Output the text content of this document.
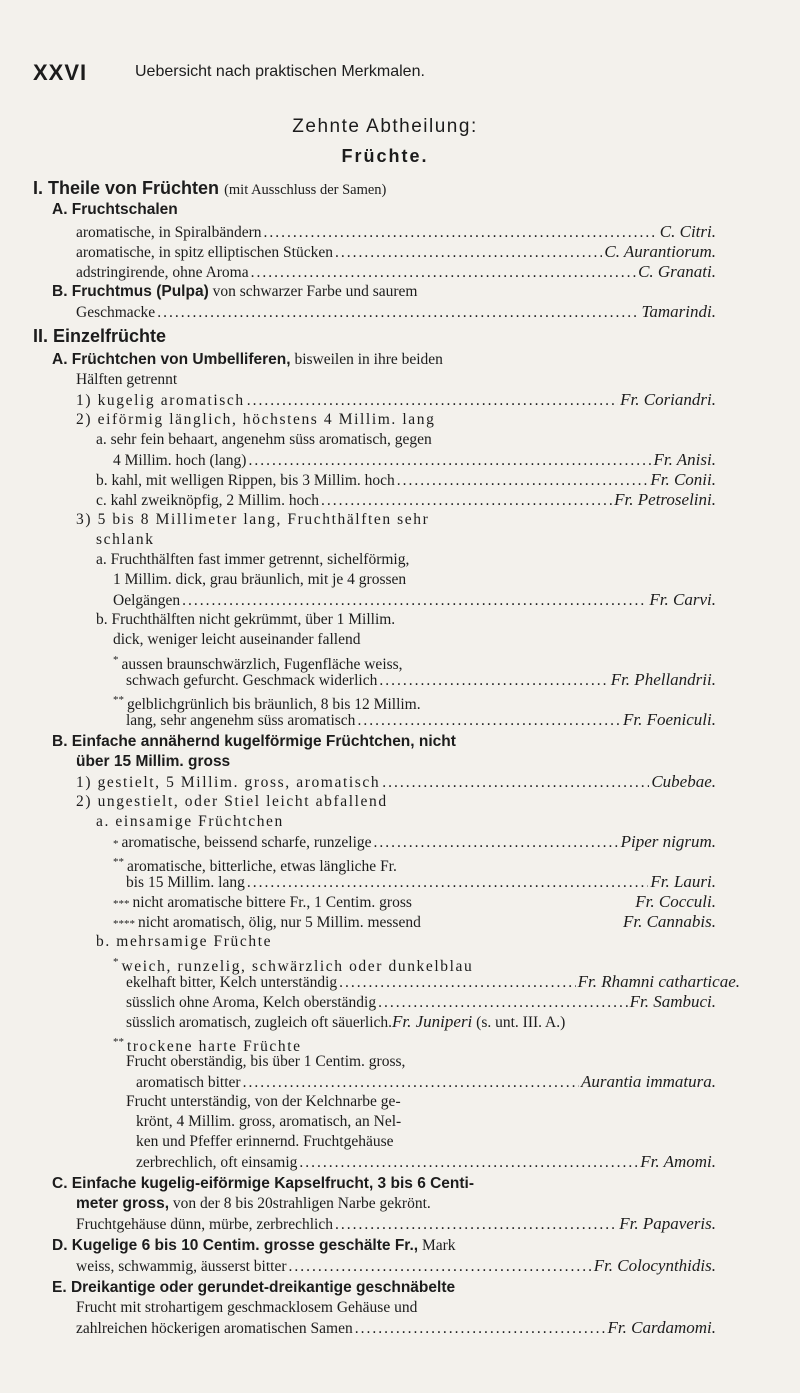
XXVI	Uebersicht nach praktischen Merkmalen.
Zehnte Abtheilung:
Früchte.
I. Theile von Früchten (mit Ausschluss der Samen)
A. Fruchtschalen
aromatische, in Spiralbändern .....	C. Citri.
aromatische, in spitz elliptischen Stücken .....	C. Aurantiorum.
adstringirende, ohne Aroma .....	C. Granati.
B. Fruchtmus (Pulpa) von schwarzer Farbe und saurem
Geschmacke .....	Tamarindi.
II. Einzelfrüchte
A. Früchtchen von Umbelliferen, bisweilen in ihre beiden
Hälften getrennt
1) kugelig aromatisch .....	Fr. Coriandri.
2) eiförmig länglich, höchstens 4 Millim. lang
a. sehr fein behaart, angenehm süss aromatisch, gegen
4 Millim. hoch (lang) .....	Fr. Anisi.
b. kahl, mit welligen Rippen, bis 3 Millim. hoch .....	Fr. Conii.
c. kahl zweiknöpfig, 2 Millim. hoch .....	Fr. Petroselini.
3) 5 bis 8 Millimeter lang, Fruchthälften sehr
schlank
a. Fruchthälften fast immer getrennt, sichelförmig,
1 Millim. dick, grau bräunlich, mit je 4 grossen
Oelgängen .....	Fr. Carvi.
b. Fruchthälften nicht gekrümmt, über 1 Millim.
dick, weniger leicht auseinander fallend
* aussen braunschwärzlich, Fugenfläche weiss,
schwach gefurcht. Geschmack widerlich .....	Fr. Phellandrii.
** gelblichgrünlich bis bräunlich, 8 bis 12 Millim.
lang, sehr angenehm süss aromatisch .....	Fr. Foeniculi.
B. Einfache annähernd kugelförmige Früchtchen, nicht
über 15 Millim. gross
1) gestielt, 5 Millim. gross, aromatisch .....	Cubebae.
2) ungestielt, oder Stiel leicht abfallend
a. einsamige Früchtchen
* aromatische, beissend scharfe, runzelige .....	Piper nigrum.
** aromatische, bitterliche, etwas längliche Fr.
bis 15 Millim. lang .....	Fr. Lauri.
*** nicht aromatische bittere Fr., 1 Centim. gross	Fr. Cocculi.
**** nicht aromatisch, ölig, nur 5 Millim. messend	Fr. Cannabis.
b. mehrsamige Früchte
* weich, runzelig, schwärzlich oder dunkelblau
ekelhaft bitter, Kelch unterständig .....	Fr. Rhamni catharticae.
süsslich ohne Aroma, Kelch oberständig .....	Fr. Sambuci.
süsslich aromatisch, zugleich oft säuerlich.Fr. Juniperi (s. unt. III. A.)
** trockene harte Früchte
Frucht oberständig, bis über 1 Centim. gross,
aromatisch bitter .....	Aurantia immatura.
Frucht unterständig, von der Kelchnarbe ge-
krönt, 4 Millim. gross, aromatisch, an Nel-
ken und Pfeffer erinnernd. Fruchtgehäuse
zerbrechlich, oft einsamig .....	Fr. Amomi.
C. Einfache kugelig-eiförmige Kapselfrucht, 3 bis 6 Centi-
meter gross, von der 8 bis 20strahligen Narbe gekrönt.
Fruchtgehäuse dünn, mürbe, zerbrechlich .....	Fr. Papaveris.
D. Kugelige 6 bis 10 Centim. grosse geschälte Fr., Mark
weiss, schwammig, äusserst bitter .....	Fr. Colocynthidis.
E. Dreikantige oder gerundet-dreikantige geschnäbelte
Frucht mit strohartigem geschmacklosem Gehäuse und
zahlreichen höckerigen aromatischen Samen .....	Fr. Cardamomi.
